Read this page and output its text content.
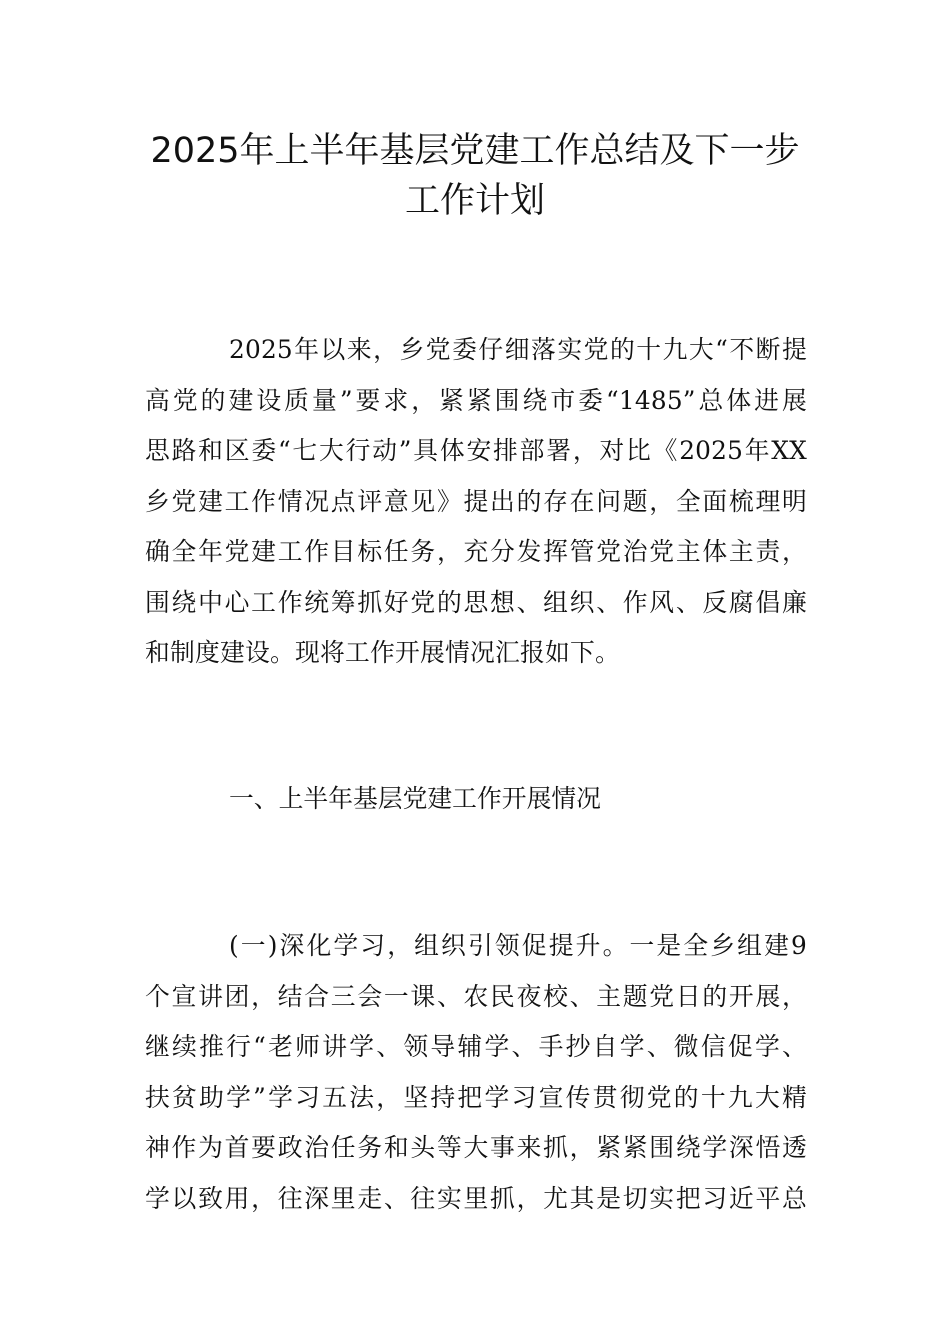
2025年上半年基层党建工作总结及下一步
工作计划

2025年以来，乡党委仔细落实党的十九大“不断提
高党的建设质量”要求，紧紧围绕市委“1485”总体进展
思路和区委“七大行动”具体安排部署，对比《2025年XX
乡党建工作情况点评意见》提出的存在问题，全面梳理明
确全年党建工作目标任务，充分发挥管党治党主体主责，
围绕中心工作统筹抓好党的思想、组织、作风、反腐倡廉
和制度建设。现将工作开展情况汇报如下。

一、上半年基层党建工作开展情况

(一)深化学习，组织引领促提升。一是全乡组建9
个宣讲团，结合三会一课、农民夜校、主题党日的开展，
继续推行“老师讲学、领导辅学、手抄自学、微信促学、
扶贫助学”学习五法，坚持把学习宣传贯彻党的十九大精
神作为首要政治任务和头等大事来抓，紧紧围绕学深悟透
学以致用，往深里走、往实里抓，尤其是切实把习近平总
